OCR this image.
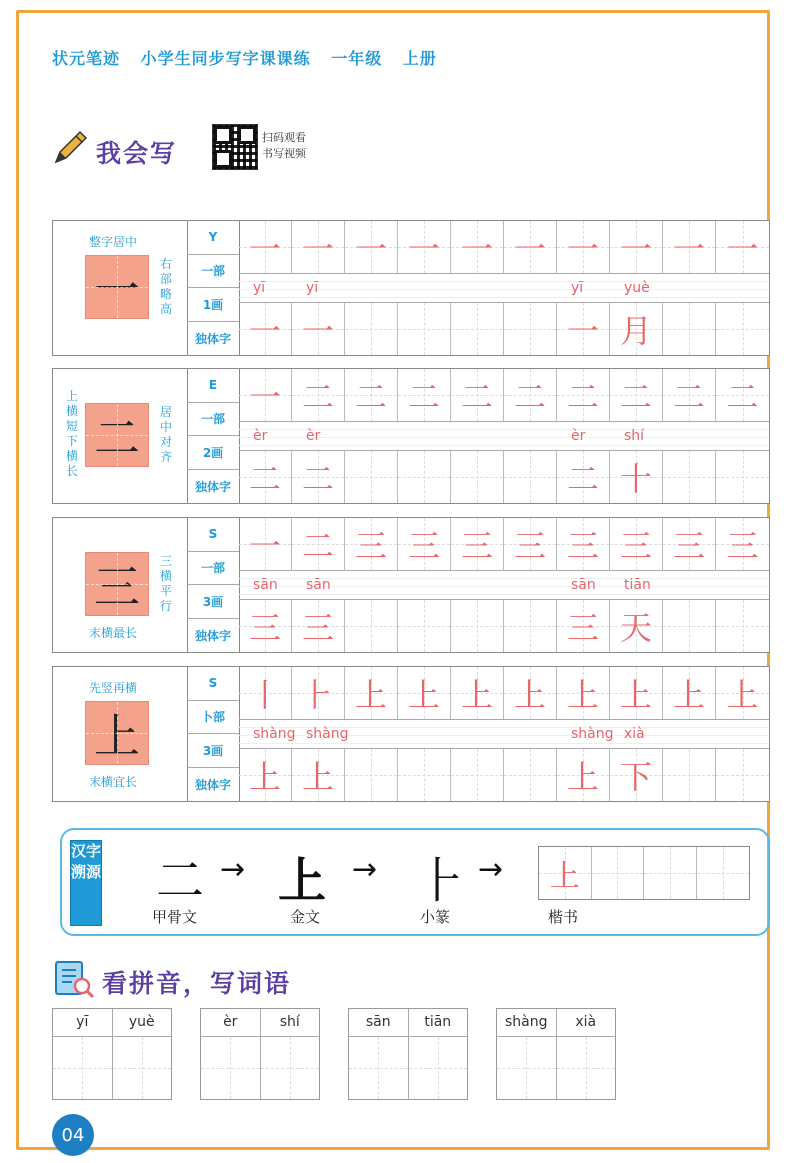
状元笔迹 小学生同步写字课课练 一年级 上册
我会写
扫码观看
书写视频
一
整字居中
右部略高
Y
一部
1画
独体字
一 一 一 一 一 一 一 一 一 一
yī	yī	yī	yuè
一 一	一 月
二 居中对齐
上横短下横长
E
一部
2画
独体字
一 二 二 二 二 二 二 二 二 二
èr	èr	èr	shí
二 二	二 十
三 三横平行
末横最长
S
一部
3画
独体字
一 二 三 三 三 三 三 三 三 三
sān sān	sān tiān
三 三	三 天
上
先竖再横
末横宜长
S
卜部
3画
独体字
丨 ⺊ 上 上 上 上 上 上 上 上
shàng shàng	shàng xià
上 上	上 下
汉字溯源 二 → 上 → ⺊ →
甲骨文	金文	小篆
上
楷书
看拼音，写词语
yī	yuè	èr	shí	sān	tiān	shàng	xià
04
